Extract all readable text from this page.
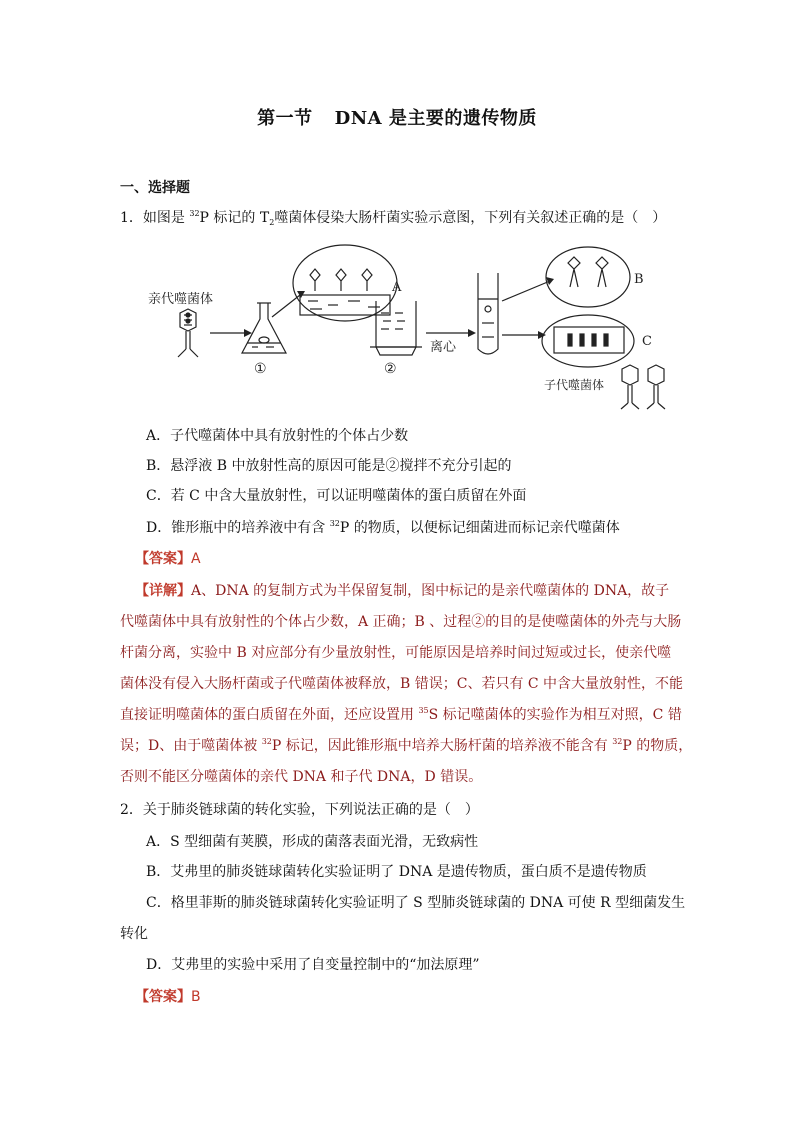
第一节 DNA 是主要的遗传物质
一、选择题
1．如图是 $^{32}$P 标记的 $T_2$噬菌体侵染大肠杆菌实验示意图，下列有关叙述正确的是（　）
亲代噬菌体
①
A
②
离心
B
C
子代噬菌体
A．子代噬菌体中具有放射性的个体占少数
B．悬浮液 B 中放射性高的原因可能是②搅拌不充分引起的
C．若 C 中含大量放射性，可以证明噬菌体的蛋白质留在外面
D．锥形瓶中的培养液中有含 $^{32}$P 的物质，以便标记细菌进而标记亲代噬菌体
【答案】A
【详解】A、DNA 的复制方式为半保留复制，图中标记的是亲代噬菌体的 DNA，故子
代噬菌体中具有放射性的个体占少数，A 正确；B 、过程②的目的是使噬菌体的外壳与大肠
杆菌分离，实验中 B 对应部分有少量放射性，可能原因是培养时间过短或过长，使亲代噬
菌体没有侵入大肠杆菌或子代噬菌体被释放，B 错误；C、若只有 C 中含大量放射性，不能
直接证明噬菌体的蛋白质留在外面，还应设置用 $^{35}$S 标记噬菌体的实验作为相互对照，C 错
误；D、由于噬菌体被 $^{32}$P 标记，因此锥形瓶中培养大肠杆菌的培养液不能含有 $^{32}$P 的物质，
否则不能区分噬菌体的亲代 DNA 和子代 DNA，D 错误。
2．关于肺炎链球菌的转化实验，下列说法正确的是（　）
A．S 型细菌有荚膜，形成的菌落表面光滑，无致病性
B．艾弗里的肺炎链球菌转化实验证明了 DNA 是遗传物质，蛋白质不是遗传物质
C．格里菲斯的肺炎链球菌转化实验证明了 S 型肺炎链球菌的 DNA 可使 R 型细菌发生
转化
D．艾弗里的实验中采用了自变量控制中的“加法原理”
【答案】B
